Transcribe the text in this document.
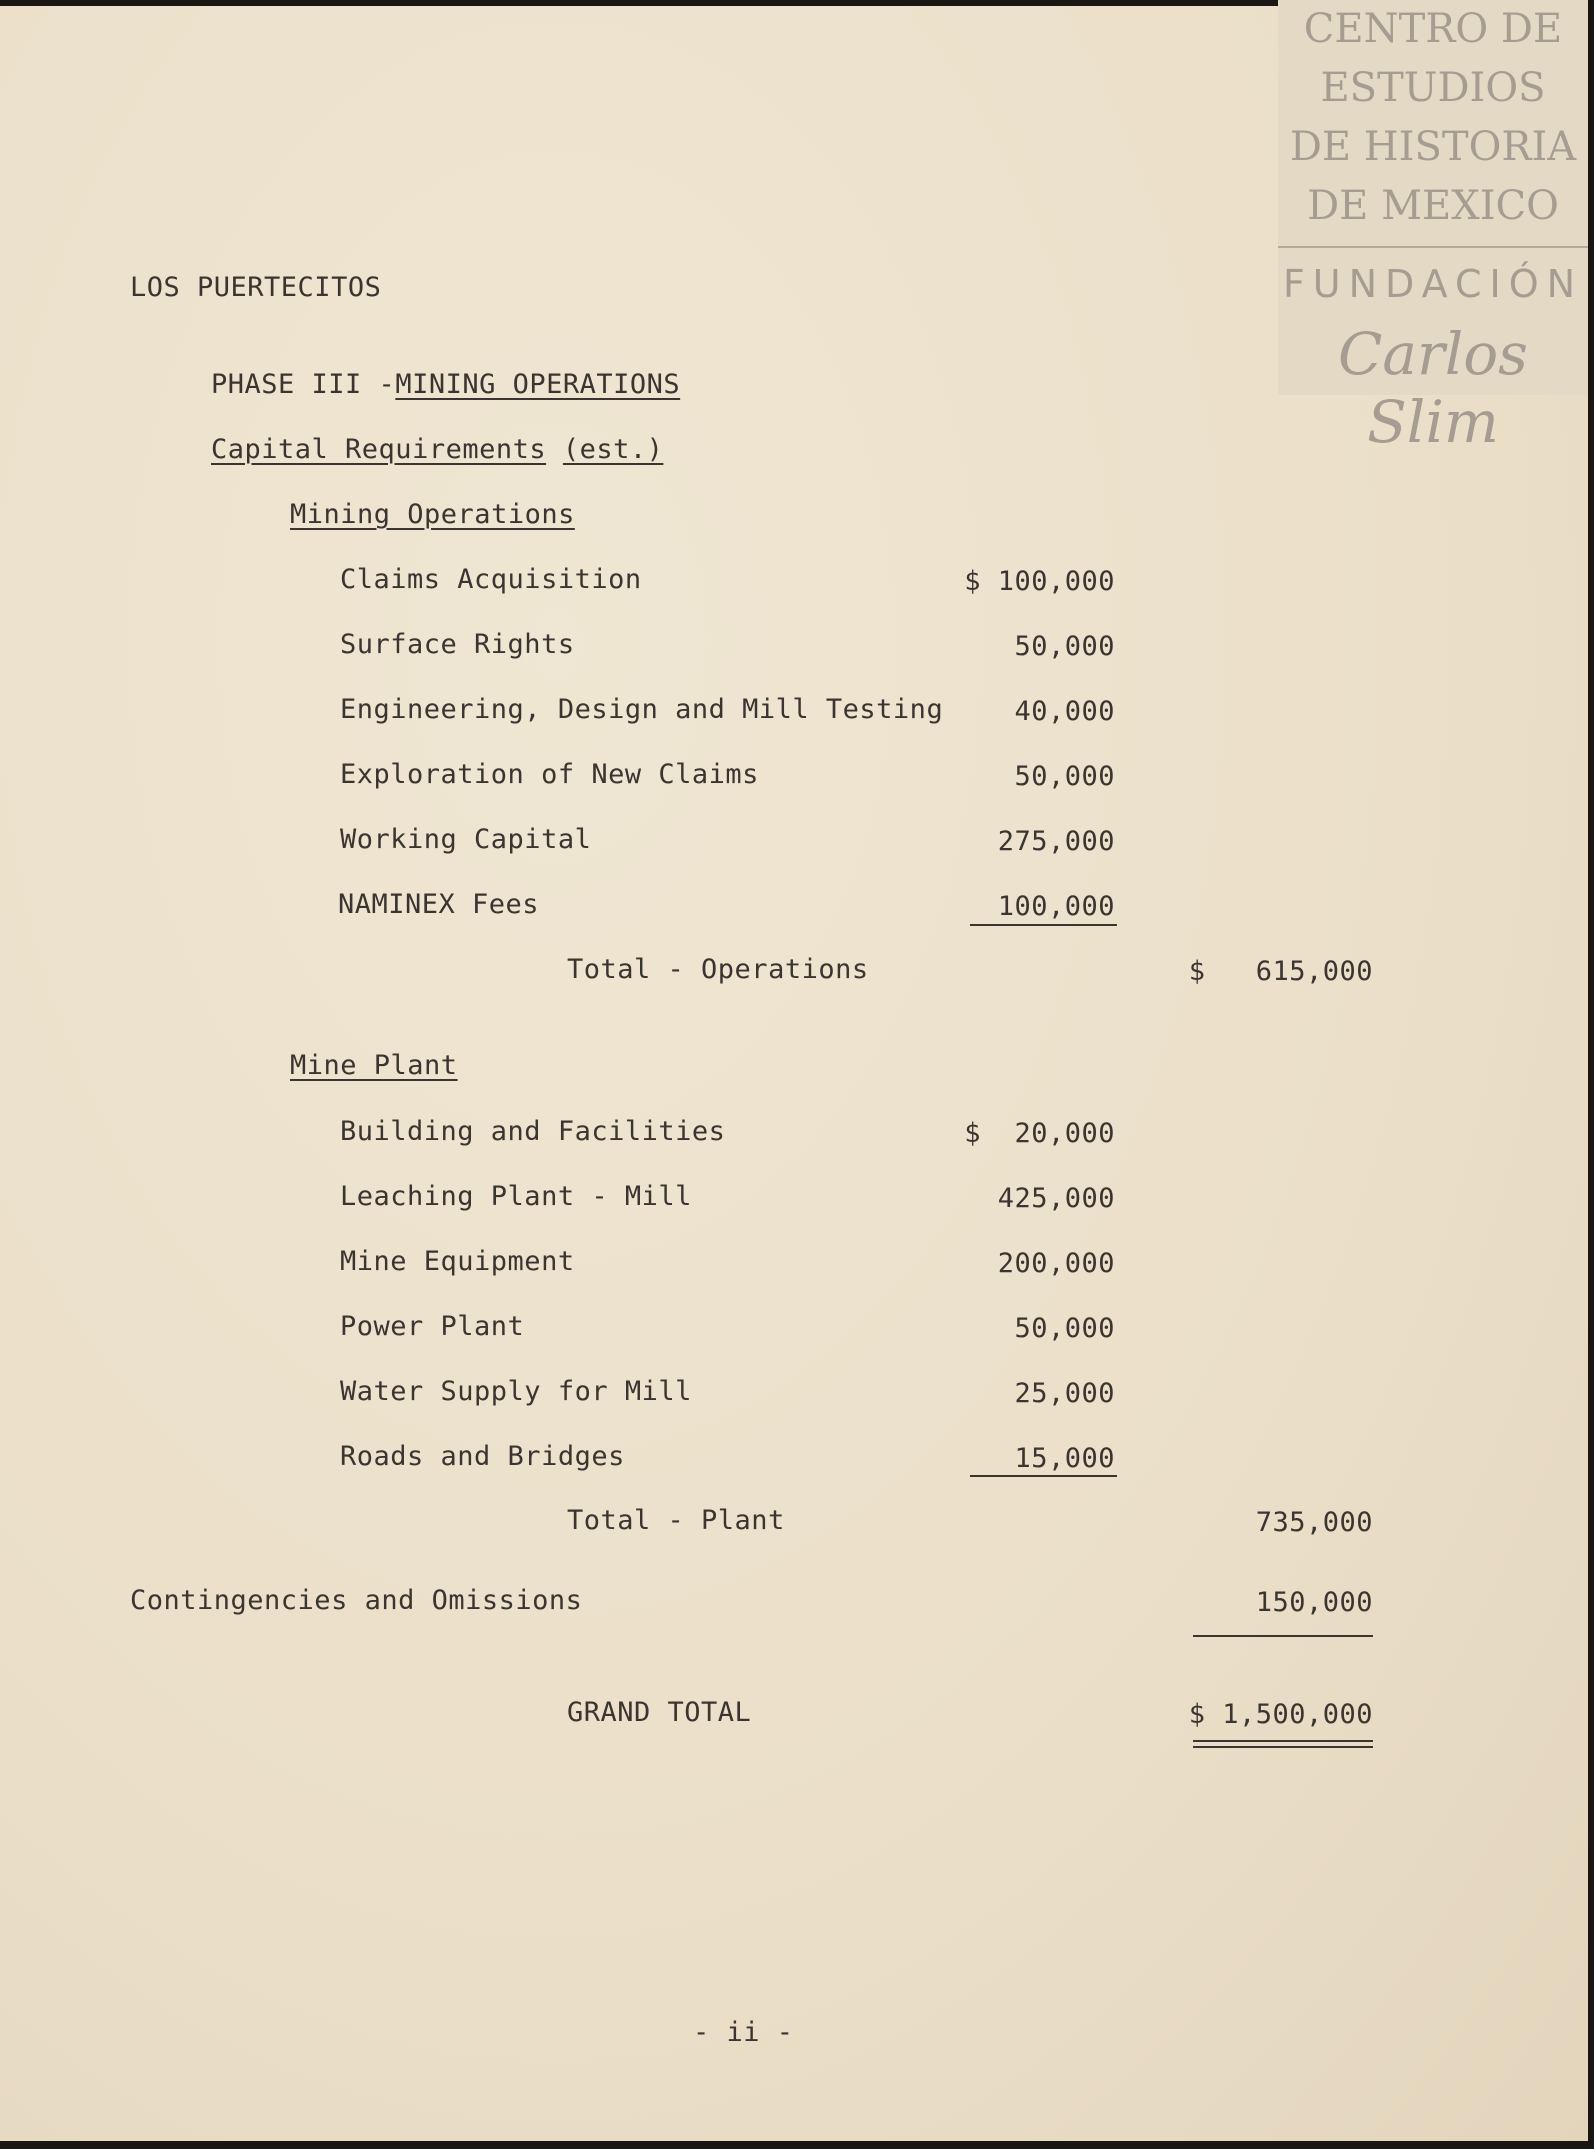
CENTRO DE
ESTUDIOS
DE HISTORIA
DE MEXICO
FUNDACIÓN
Carlos Slim
LOS PUERTECITOS
PHASE III -MINING OPERATIONS
Capital Requirements (est.)
Mining Operations
Claims Acquisition	$ 100,000
Surface Rights	50,000
Engineering, Design and Mill Testing	40,000
Exploration of New Claims	50,000
Working Capital	275,000
NAMINEX Fees	100,000
Total - Operations	$   615,000
Mine Plant
Building and Facilities	$  20,000
Leaching Plant - Mill	425,000
Mine Equipment	200,000
Power Plant	50,000
Water Supply for Mill	25,000
Roads and Bridges	15,000
Total - Plant	735,000
Contingencies and Omissions	150,000
GRAND TOTAL	$ 1,500,000
- ii -
